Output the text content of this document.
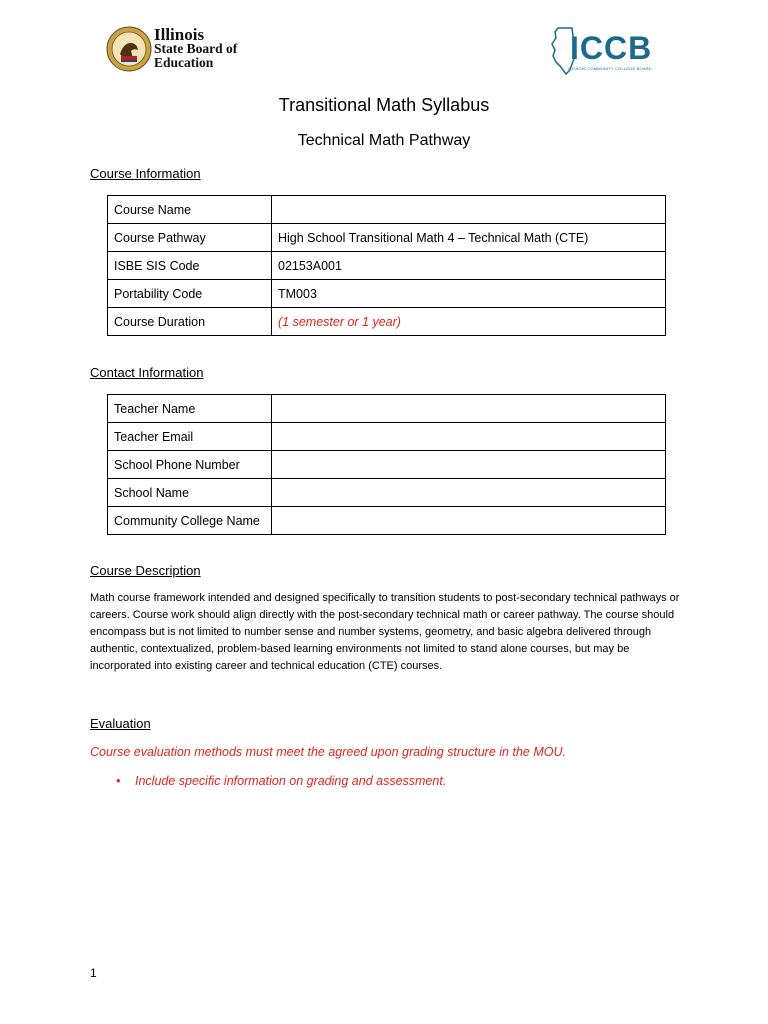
Illinois
State Board of
Education	ICCB
ILLINOIS COMMUNITY COLLEGE BOARD
Transitional Math Syllabus
Technical Math Pathway
Course Information
Course Name	
Course Pathway	High School Transitional Math 4 – Technical Math (CTE)
ISBE SIS Code	02153A001
Portability Code	TM003
Course Duration	(1 semester or 1 year)
Contact Information
Teacher Name	
Teacher Email	
School Phone Number	
School Name	
Community College Name	
Course Description
Math course framework intended and designed specifically to transition students to post-secondary technical pathways or careers. Course work should align directly with the post-secondary technical math or career pathway. The course should encompass but is not limited to number sense and number systems, geometry, and basic algebra delivered through authentic, contextualized, problem-based learning environments not limited to stand alone courses, but may be incorporated into existing career and technical education (CTE) courses.
Evaluation
Course evaluation methods must meet the agreed upon grading structure in the MOU.
• Include specific information on grading and assessment.
1
